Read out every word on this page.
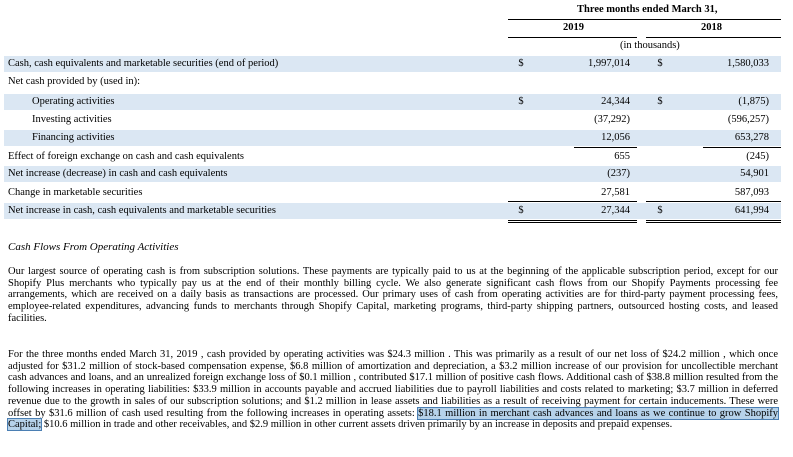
Three months ended March 31,
2019	2018
(in thousands)
Cash, cash equivalents and marketable securities (end of period)	$	1,997,014	$	1,580,033
Net cash provided by (used in):
Operating activities	$	24,344	$	(1,875)
Investing activities	(37,292)	(596,257)
Financing activities	12,056	653,278
Effect of foreign exchange on cash and cash equivalents	655	(245)
Net increase (decrease) in cash and cash equivalents	(237)	54,901
Change in marketable securities	27,581	587,093
Net increase in cash, cash equivalents and marketable securities	$	27,344	$	641,994
Cash Flows From Operating Activities

Our largest source of operating cash is from subscription solutions. These payments are typically paid to us at the beginning of the applicable subscription period, except for our Shopify Plus merchants who typically pay us at the end of their monthly billing cycle. We also generate significant cash flows from our Shopify Payments processing fee arrangements, which are received on a daily basis as transactions are processed. Our primary uses of cash from operating activities are for third-party payment processing fees, employee-related expenditures, advancing funds to merchants through Shopify Capital, marketing programs, third-party shipping partners, outsourced hosting costs, and leased facilities.

For the three months ended March 31, 2019 , cash provided by operating activities was $24.3 million . This was primarily as a result of our net loss of $24.2 million , which once adjusted for $31.2 million of stock-based compensation expense, $6.8 million of amortization and depreciation, a $3.2 million increase of our provision for uncollectible merchant cash advances and loans, and an unrealized foreign exchange loss of $0.1 million , contributed $17.1 million of positive cash flows. Additional cash of $38.8 million resulted from the following increases in operating liabilities: $33.9 million in accounts payable and accrued liabilities due to payroll liabilities and costs related to marketing; $3.7 million in deferred revenue due to the growth in sales of our subscription solutions; and $1.2 million in lease assets and liabilities as a result of receiving payment for certain inducements. These were offset by $31.6 million of cash used resulting from the following increases in operating assets: $18.1 million in merchant cash advances and loans as we continue to grow Shopify Capital; $10.6 million in trade and other receivables, and $2.9 million in other current assets driven primarily by an increase in deposits and prepaid expenses.
